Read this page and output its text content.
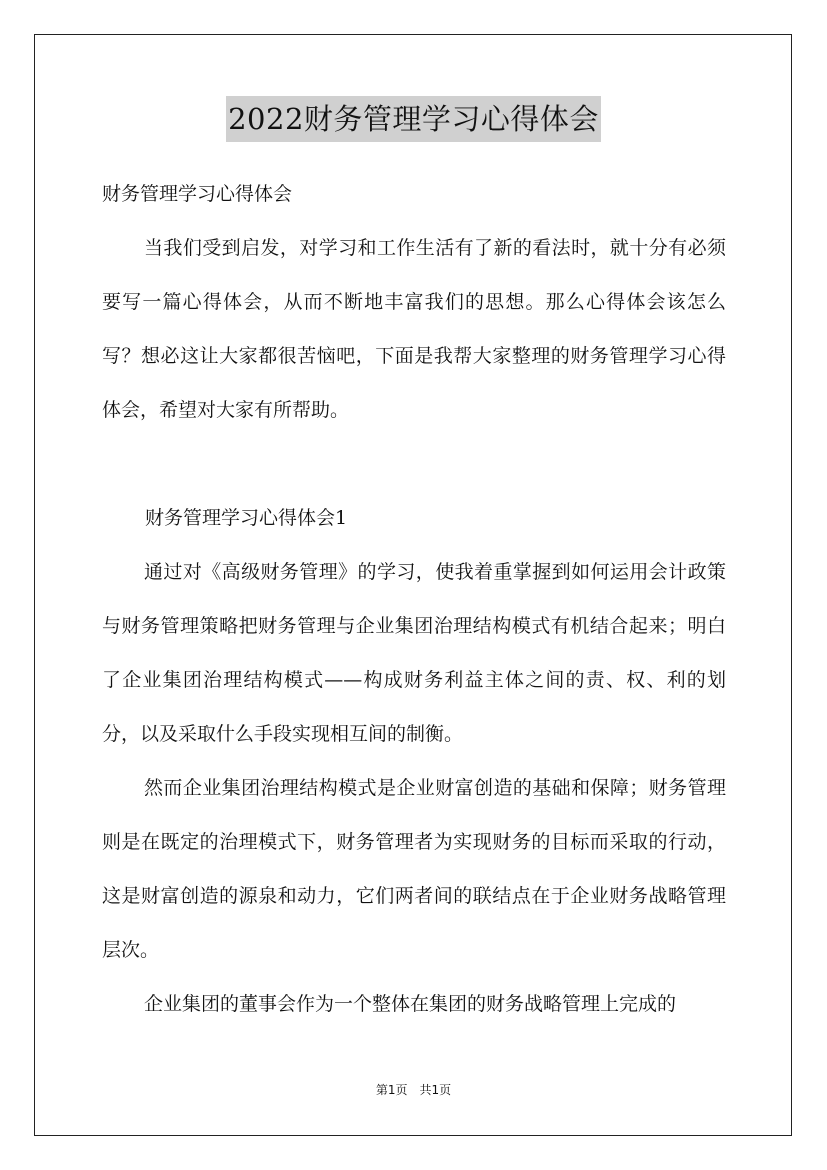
2022财务管理学习心得体会

财务管理学习心得体会

当我们受到启发，对学习和工作生活有了新的看法时，就十分有必须要写一篇心得体会，从而不断地丰富我们的思想。那么心得体会该怎么写？想必这让大家都很苦恼吧，下面是我帮大家整理的财务管理学习心得体会，希望对大家有所帮助。

财务管理学习心得体会1

通过对《高级财务管理》的学习，使我着重掌握到如何运用会计政策与财务管理策略把财务管理与企业集团治理结构模式有机结合起来；明白了企业集团治理结构模式——构成财务利益主体之间的责、权、利的划分，以及采取什么手段实现相互间的制衡。

然而企业集团治理结构模式是企业财富创造的基础和保障；财务管理则是在既定的治理模式下，财务管理者为实现财务的目标而采取的行动，这是财富创造的源泉和动力，它们两者间的联结点在于企业财务战略管理层次。

企业集团的董事会作为一个整体在集团的财务战略管理上完成的

第1页　共1页
